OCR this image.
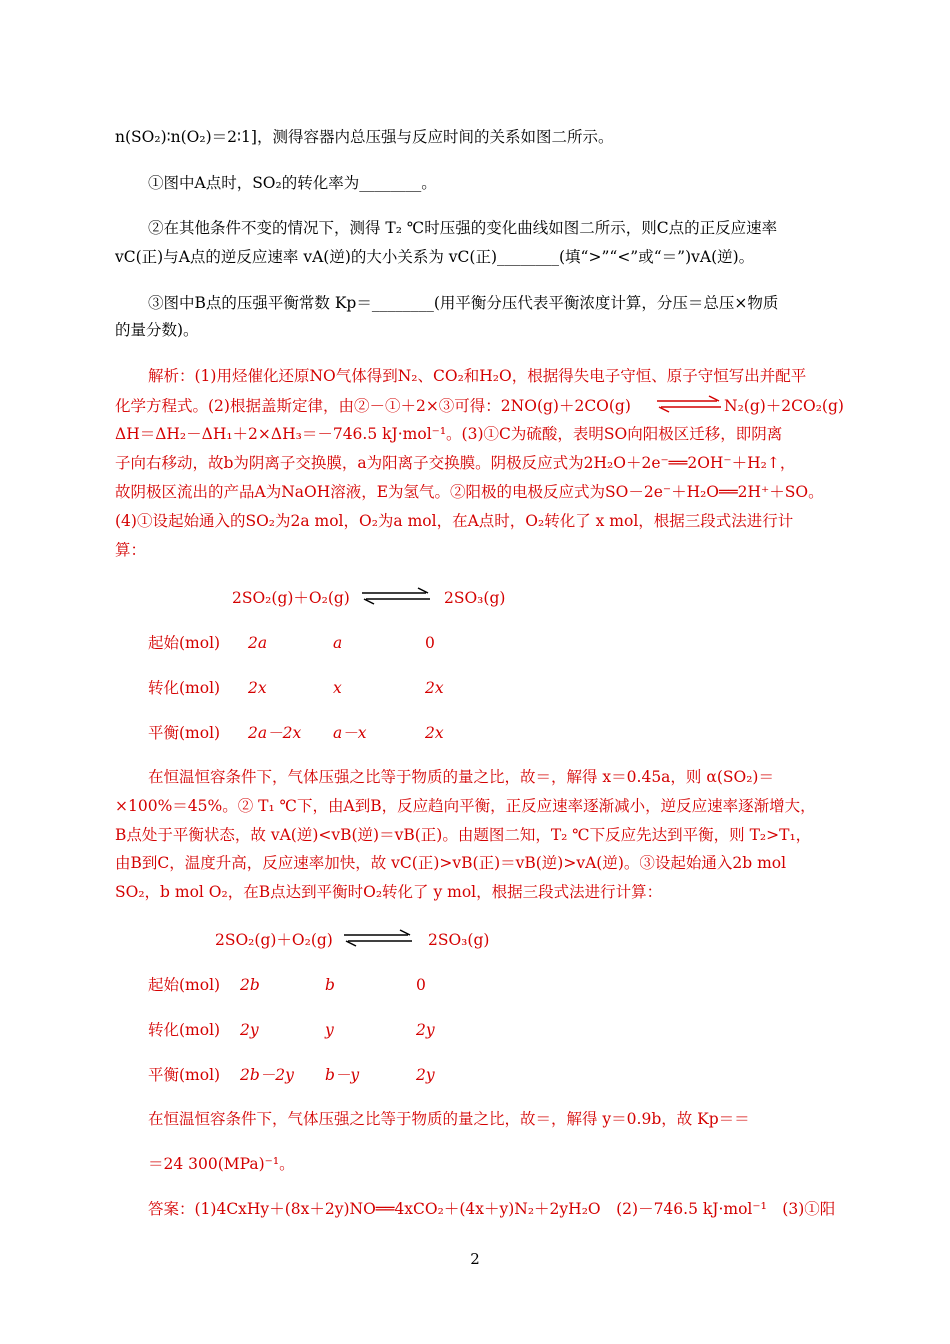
n(SO₂)∶n(O₂)＝2∶1]，测得容器内总压强与反应时间的关系如图二所示。
①图中A点时，SO₂的转化率为________。
②在其他条件不变的情况下，测得 T₂ ℃时压强的变化曲线如图二所示，则C点的正反应速率
vC(正)与A点的逆反应速率 vA(逆)的大小关系为 vC(正)________(填“>”“<”或“＝”)vA(逆)。
③图中B点的压强平衡常数 Kp＝________(用平衡分压代表平衡浓度计算，分压＝总压×物质
的量分数)。
解析：(1)用烃催化还原NO气体得到N₂、CO₂和H₂O，根据得失电子守恒、原子守恒写出并配平
化学方程式。(2)根据盖斯定律，由②－①＋2×③可得：2NO(g)＋2CO(g)	N₂(g)＋2CO₂(g)
ΔH＝ΔH₂－ΔH₁＋2×ΔH₃＝－746.5 kJ·mol⁻¹。(3)①C为硫酸，表明SO向阳极区迁移，即阴离
子向右移动，故b为阴离子交换膜，a为阳离子交换膜。阴极反应式为2H₂O＋2e⁻══2OH⁻＋H₂↑，
故阴极区流出的产品A为NaOH溶液，E为氢气。②阳极的电极反应式为SO－2e⁻＋H₂O══2H⁺＋SO。
(4)①设起始通入的SO₂为2a mol，O₂为a mol，在A点时，O₂转化了 x mol，根据三段式法进行计
算：
2SO₂(g)＋O₂(g)	2SO₃(g)
起始(mol) 2a	a	0
转化(mol) 2x	x	2x
平衡(mol) 2a－2x a－x	2x
在恒温恒容条件下，气体压强之比等于物质的量之比，故＝，解得 x＝0.45a，则 α(SO₂)＝
×100%＝45%。② T₁ ℃下，由A到B，反应趋向平衡，正反应速率逐渐减小，逆反应速率逐渐增大，
B点处于平衡状态，故 vA(逆)<vB(逆)＝vB(正)。由题图二知，T₂ ℃下反应先达到平衡，则 T₂>T₁，
由B到C，温度升高，反应速率加快，故 vC(正)>vB(正)＝vB(逆)>vA(逆)。③设起始通入2b mol
SO₂，b mol O₂，在B点达到平衡时O₂转化了 y mol，根据三段式法进行计算：
2SO₂(g)＋O₂(g)	2SO₃(g)
起始(mol) 2b	b	0
转化(mol) 2y	y	2y
平衡(mol) 2b－2y b－y	2y
在恒温恒容条件下，气体压强之比等于物质的量之比，故＝，解得 y＝0.9b，故 Kp＝＝
＝24 300(MPa)⁻¹。
答案：(1)4CxHy＋(8x＋2y)NO══4xCO₂＋(4x＋y)N₂＋2yH₂O　(2)－746.5 kJ·mol⁻¹　(3)①阳
2
